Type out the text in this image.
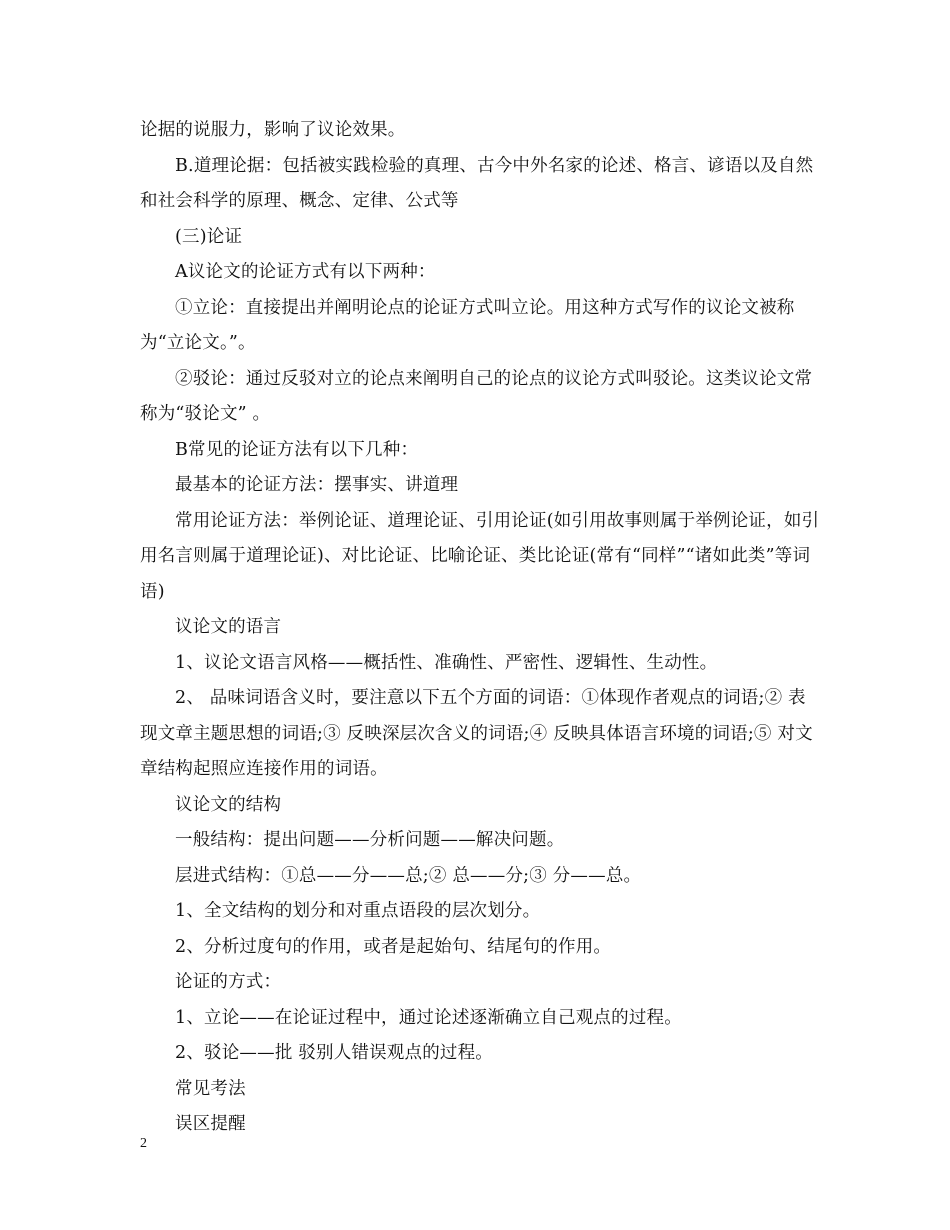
论据的说服力，影响了议论效果。

B.道理论据：包括被实践检验的真理、古今中外名家的论述、格言、谚语以及自然和社会科学的原理、概念、定律、公式等

(三)论证

A议论文的论证方式有以下两种：

①立论：直接提出并阐明论点的论证方式叫立论。用这种方式写作的议论文被称为“立论文。”。

②驳论：通过反驳对立的论点来阐明自己的论点的议论方式叫驳论。这类议论文常称为“驳论文” 。

B常见的论证方法有以下几种：

最基本的论证方法：摆事实、讲道理

常用论证方法：举例论证、道理论证、引用论证(如引用故事则属于举例论证，如引用名言则属于道理论证)、对比论证、比喻论证、类比论证(常有“同样”“诸如此类”等词语)

议论文的语言

1、议论文语言风格——概括性、准确性、严密性、逻辑性、生动性。

2、 品味词语含义时，要注意以下五个方面的词语：①体现作者观点的词语;② 表现文章主题思想的词语;③ 反映深层次含义的词语;④ 反映具体语言环境的词语;⑤ 对文章结构起照应连接作用的词语。

议论文的结构

一般结构：提出问题——分析问题——解决问题。

层进式结构：①总——分——总;② 总——分;③ 分——总。

1、全文结构的划分和对重点语段的层次划分。

2、分析过度句的作用，或者是起始句、结尾句的作用。

论证的方式：

1、立论——在论证过程中，通过论述逐渐确立自己观点的过程。

2、驳论——批 驳别人错误观点的过程。

常见考法

误区提醒

2
